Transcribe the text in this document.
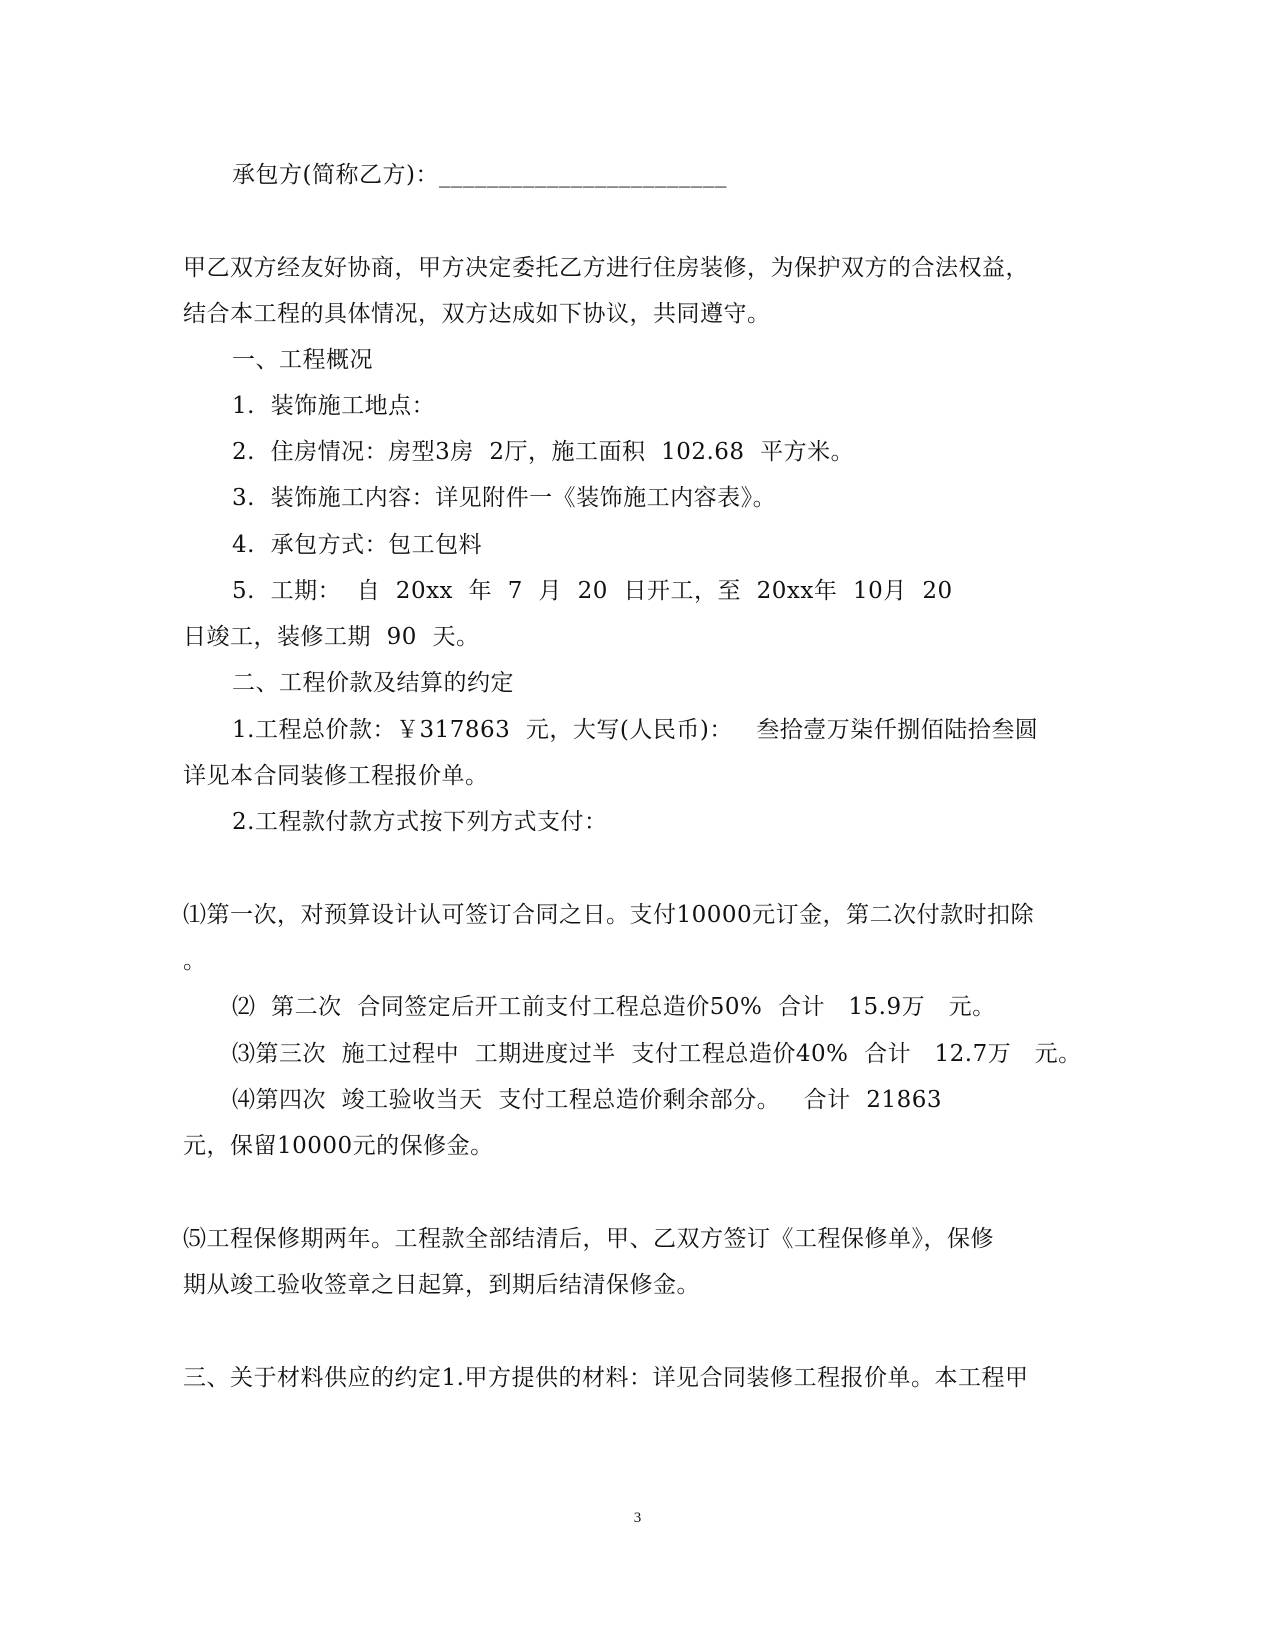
承包方(简称乙方)：________________________
甲乙双方经友好协商，甲方决定委托乙方进行住房装修，为保护双方的合法权益，
结合本工程的具体情况，双方达成如下协议，共同遵守。
一、工程概况
1.  装饰施工地点：
2.  住房情况：房型3房  2厅，施工面积  102.68  平方米。
3.  装饰施工内容：详见附件一《装饰施工内容表》。
4.  承包方式：包工包料
5.  工期：  自  20xx  年  7  月  20  日开工，至  20xx年  10月  20
日竣工，装修工期  90  天。
二、工程价款及结算的约定
1.工程总价款：￥317863  元，大写(人民币)：   叁拾壹万柒仟捌佰陆拾叁圆
详见本合同装修工程报价单。
2.工程款付款方式按下列方式支付：
⑴第一次，对预算设计认可签订合同之日。支付10000元订金，第二次付款时扣除
。
⑵  第二次  合同签定后开工前支付工程总造价50%  合计   15.9万   元。
⑶第三次  施工过程中  工期进度过半  支付工程总造价40%  合计   12.7万   元。
⑷第四次  竣工验收当天  支付工程总造价剩余部分。   合计  21863
元，保留10000元的保修金。
⑸工程保修期两年。工程款全部结清后，甲、乙双方签订《工程保修单》，保修
期从竣工验收签章之日起算，到期后结清保修金。
三、关于材料供应的约定1.甲方提供的材料：详见合同装修工程报价单。本工程甲
3
